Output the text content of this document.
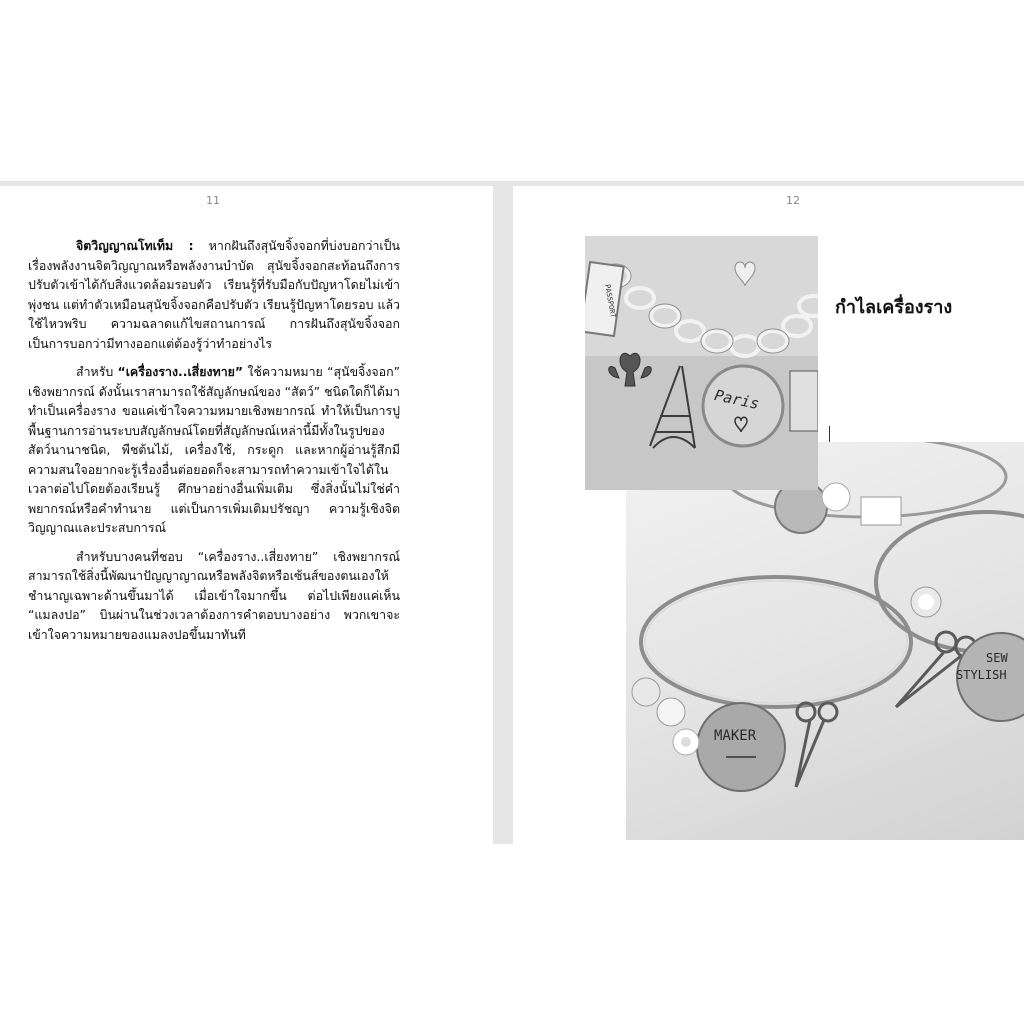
11

จิตวิญญาณโทเท็ม : หากฝันถึงสุนัขจิ้งจอกที่บ่งบอกว่าเป็นเรื่องพลังงานจิตวิญญาณหรือพลังงานบำบัด สุนัขจิ้งจอกสะท้อนถึงการปรับตัวเข้าได้กับสิ่งแวดล้อมรอบตัว เรียนรู้ที่รับมือกับปัญหาโดยไม่เข้าพุ่งชน แต่ทำตัวเหมือนสุนัขจิ้งจอกคือปรับตัว เรียนรู้ปัญหาโดยรอบ แล้วใช้ไหวพริบ ความฉลาดแก้ไขสถานการณ์ การฝันถึงสุนัขจิ้งจอกเป็นการบอกว่ามีทางออกแต่ต้องรู้ว่าทำอย่างไร

สำหรับ “เครื่องราง..เสี่ยงทาย” ใช้ความหมาย “สุนัขจิ้งจอก” เชิงพยากรณ์ ดังนั้นเราสามารถใช้สัญลักษณ์ของ “สัตว์” ชนิดใดก็ได้มาทำเป็นเครื่องราง ขอแค่เข้าใจความหมายเชิงพยากรณ์ ทำให้เป็นการปูพื้นฐานการอ่านระบบสัญลักษณ์โดยที่สัญลักษณ์เหล่านี้มีทั้งในรูปของสัตว์นานาชนิด, พืชต้นไม้, เครื่องใช้, กระดูก และหากผู้อ่านรู้สึกมีความสนใจอยากจะรู้เรื่องอื่นต่อยอดก็จะสามารถทำความเข้าใจได้ในเวลาต่อไปโดยต้องเรียนรู้ ศึกษาอย่างอื่นเพิ่มเติม ซึ่งสิ่งนั้นไม่ใช่คำพยากรณ์หรือคำทำนาย แต่เป็นการเพิ่มเติมปรัชญา ความรู้เชิงจิตวิญญาณและประสบการณ์

สำหรับบางคนที่ชอบ “เครื่องราง..เสี่ยงทาย” เชิงพยากรณ์ สามารถใช้สิ่งนี้พัฒนาปัญญาญาณหรือพลังจิตหรือเซ้นส์ของตนเองให้ชำนาญเฉพาะด้านขึ้นมาได้ เมื่อเข้าใจมากขึ้น ต่อไปเพียงแค่เห็น “แมลงปอ” บินผ่านในช่วงเวลาต้องการคำตอบบางอย่าง พวกเขาจะเข้าใจความหมายของแมลงปอขึ้นมาทันที

12
MAKER
SEW
STYLISH
PASSPORT
Paris
กำไลเครื่องราง
